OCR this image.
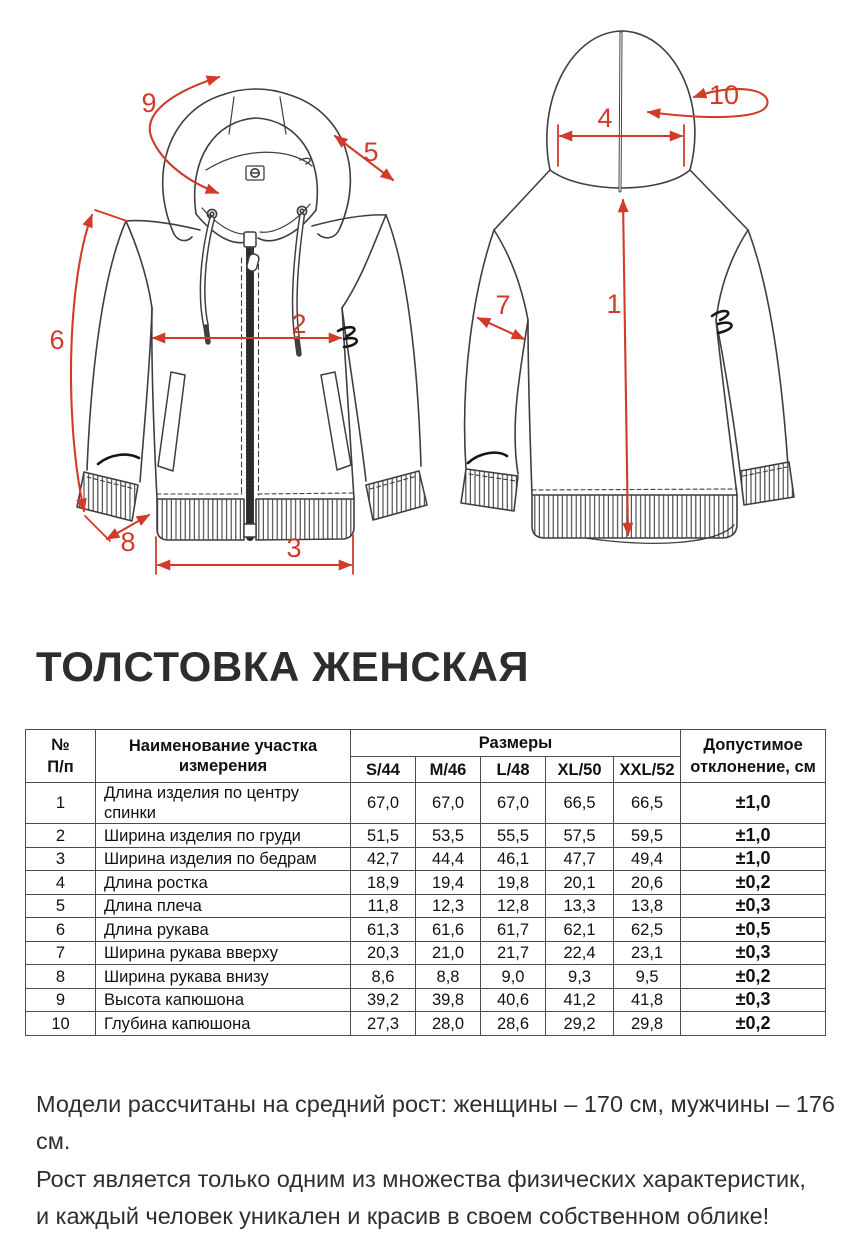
9
5
6
2
8	3
4
10
1
7
ТОЛСТОВКА ЖЕНСКАЯ
№
П/п	Наименование участка измерения	Размеры					Допустимое
отклонение, см
		S/44	M/46	L/48	XL/50	XXL/52	
1	Длина изделия по центру спинки	67,0	67,0	67,0	66,5	66,5	±1,0
2	Ширина изделия по груди	51,5	53,5	55,5	57,5	59,5	±1,0
3	Ширина изделия по бедрам	42,7	44,4	46,1	47,7	49,4	±1,0
4	Длина ростка	18,9	19,4	19,8	20,1	20,6	±0,2
5	Длина плеча	11,8	12,3	12,8	13,3	13,8	±0,3
6	Длина рукава	61,3	61,6	61,7	62,1	62,5	±0,5
7	Ширина рукава вверху	20,3	21,0	21,7	22,4	23,1	±0,3
8	Ширина рукава внизу	8,6	8,8	9,0	9,3	9,5	±0,2
9	Высота капюшона	39,2	39,8	40,6	41,2	41,8	±0,3
10	Глубина капюшона	27,3	28,0	28,6	29,2	29,8	±0,2

Модели рассчитаны на средний рост: женщины – 170 см, мужчины – 176 см.

Рост является только одним из множества физических характеристик,

и каждый человек уникален и красив в своем собственном облике!
